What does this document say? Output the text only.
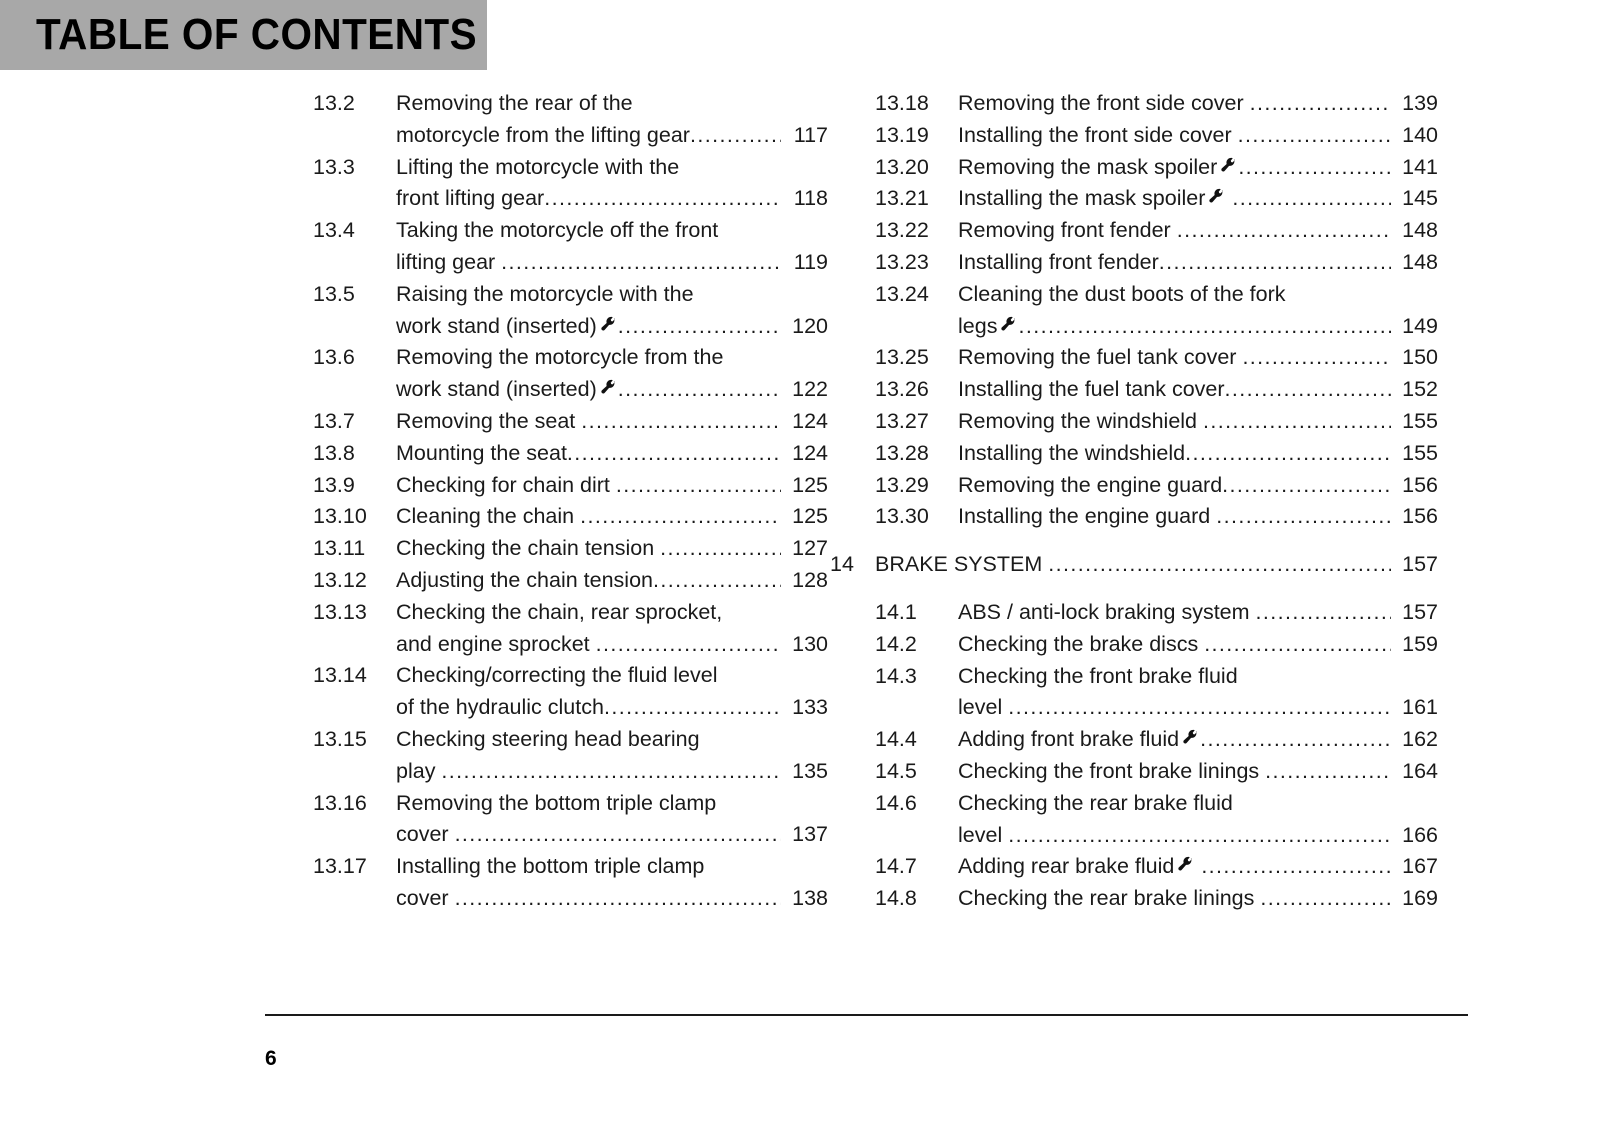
TABLE OF CONTENTS
13.2	Removing the rear of the
motorcycle from the lifting gear .....	117
13.3	Lifting the motorcycle with the
front lifting gear .....	118
13.4	Taking the motorcycle off the front
lifting gear .....	119
13.5	Raising the motorcycle with the
work stand (inserted) .....	120
13.6	Removing the motorcycle from the
work stand (inserted) .....	122
13.7	Removing the seat .....	124
13.8	Mounting the seat .....	124
13.9	Checking for chain dirt .....	125
13.10	Cleaning the chain .....	125
13.11	Checking the chain tension .....	127
13.12	Adjusting the chain tension .....	128
13.13	Checking the chain, rear sprocket,
and engine sprocket .....	130
13.14	Checking/correcting the fluid level
of the hydraulic clutch .....	133
13.15	Checking steering head bearing
play .....	135
13.16	Removing the bottom triple clamp
cover .....	137
13.17	Installing the bottom triple clamp
cover .....	138
13.18	Removing the front side cover .....	139
13.19	Installing the front side cover .....	140
13.20	Removing the mask spoiler .....	141
13.21	Installing the mask spoiler
.....	145
13.22	Removing front fender .....	148
13.23	Installing front fender .....	148
13.24	Cleaning the dust boots of the fork
legs .....	149
13.25	Removing the fuel tank cover .....	150
13.26	Installing the fuel tank cover .....	152
13.27	Removing the windshield .....	155
13.28	Installing the windshield .....	155
13.29	Removing the engine guard .....	156
13.30	Installing the engine guard .....	156
14 BRAKE SYSTEM .....	157
14.1	ABS / anti-lock braking system .....	157
14.2	Checking the brake discs .....	159
14.3	Checking the front brake fluid
level .....	161
14.4	Adding front brake fluid .....	162
14.5	Checking the front brake linings .....	164
14.6	Checking the rear brake fluid
level .....	166
14.7	Adding rear brake fluid
.....	167
14.8	Checking the rear brake linings .....	169
6
